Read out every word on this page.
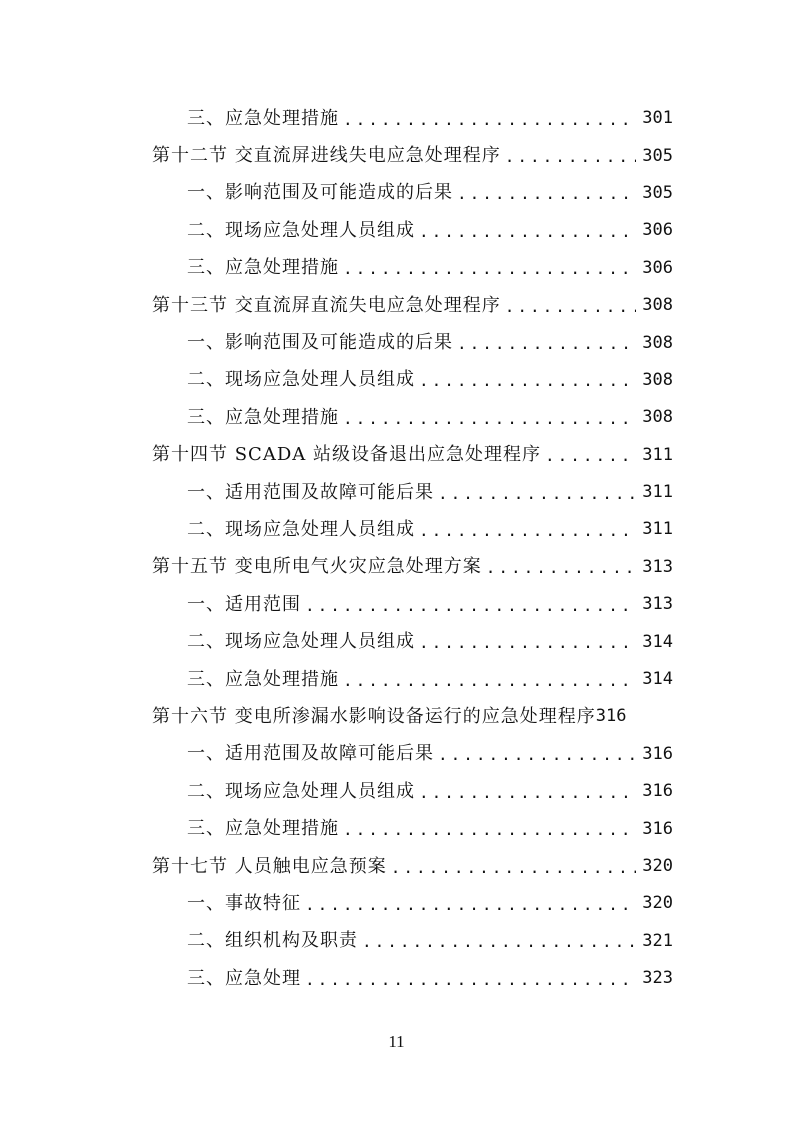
三、应急处理措施 .....	301
第十二节 交直流屏进线失电应急处理程序 .....	305
一、影响范围及可能造成的后果 .....	305
二、现场应急处理人员组成 .....	306
三、应急处理措施 .....	306
第十三节 交直流屏直流失电应急处理程序 .....	308
一、影响范围及可能造成的后果 .....	308
二、现场应急处理人员组成 .....	308
三、应急处理措施 .....	308
第十四节 SCADA 站级设备退出应急处理程序 .....	311
一、适用范围及故障可能后果 .....	311
二、现场应急处理人员组成 .....	311
第十五节 变电所电气火灾应急处理方案 .....	313
一、适用范围 .....	313
二、现场应急处理人员组成 .....	314
三、应急处理措施 .....	314
第十六节 变电所渗漏水影响设备运行的应急处理程序 316
一、适用范围及故障可能后果 .....	316
二、现场应急处理人员组成 .....	316
三、应急处理措施 .....	316
第十七节 人员触电应急预案 .....	320
一、事故特征 .....	320
二、组织机构及职责 .....	321
三、应急处理 .....	323
11
